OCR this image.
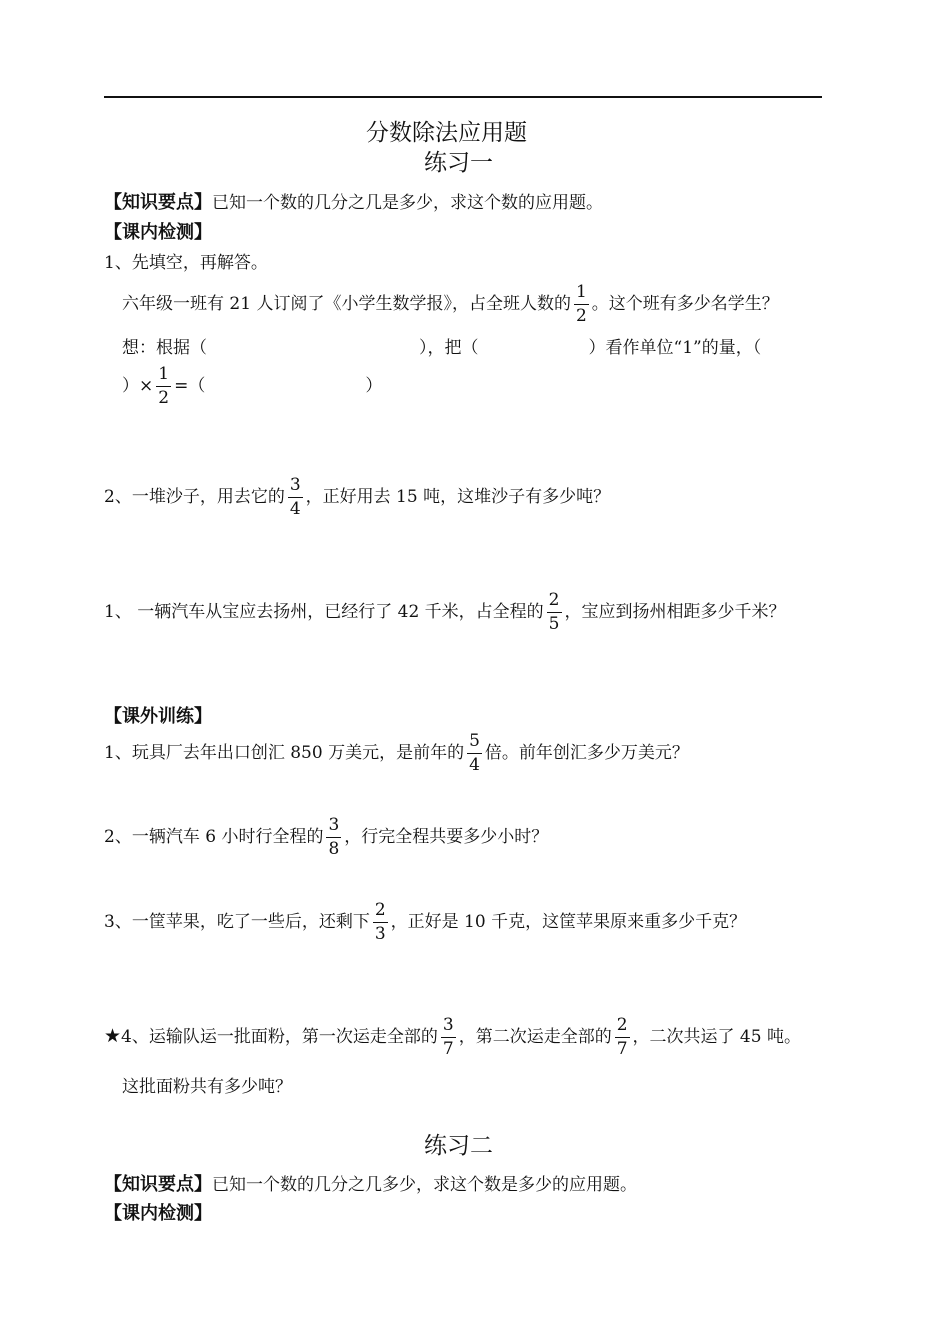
分数除法应用题
练习一
【知识要点】已知一个数的几分之几是多少，求这个数的应用题。
【课内检测】
1、先填空，再解答。
六年级一班有 21 人订阅了《小学生数学报》，占全班人数的 $\frac{1}{2}$ 。这个班有多少名学生？
想：根据（	），把（	）看作单位“1”的量，（
）× $\frac{1}{2}$ =（	）
2、一堆沙子，用去它的 $\frac{3}{4}$ ，正好用去 15 吨，这堆沙子有多少吨？
1、 一辆汽车从宝应去扬州，已经行了 42 千米，占全程的 $\frac{2}{5}$ ，宝应到扬州相距多少千米？
【课外训练】
1、玩具厂去年出口创汇 850 万美元，是前年的 $\frac{5}{4}$ 倍。前年创汇多少万美元？
2、一辆汽车 6 小时行全程的 $\frac{3}{8}$ ，行完全程共要多少小时？
3、一筐苹果，吃了一些后，还剩下 $\frac{2}{3}$ ，正好是 10 千克，这筐苹果原来重多少千克？
★4、运输队运一批面粉，第一次运走全部的 $\frac{3}{7}$ ，第二次运走全部的 $\frac{2}{7}$ ，二次共运了 45 吨。
这批面粉共有多少吨？
练习二
【知识要点】已知一个数的几分之几多少，求这个数是多少的应用题。
【课内检测】
